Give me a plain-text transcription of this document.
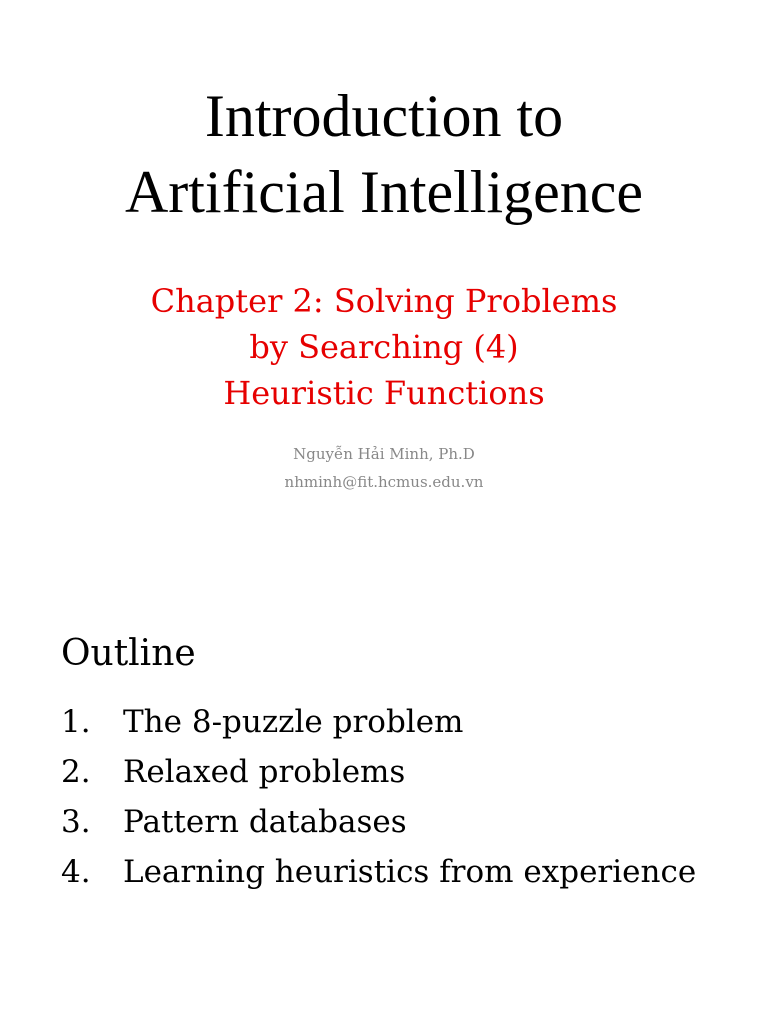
Introduction to
Artificial Intelligence
Chapter 2: Solving Problems
by Searching (4)
Heuristic Functions
Nguyễn Hải Minh, Ph.D
nhminh@fit.hcmus.edu.vn
Outline
1.	The 8-puzzle problem
2.	Relaxed problems
3.	Pattern databases
4.	Learning heuristics from experience
